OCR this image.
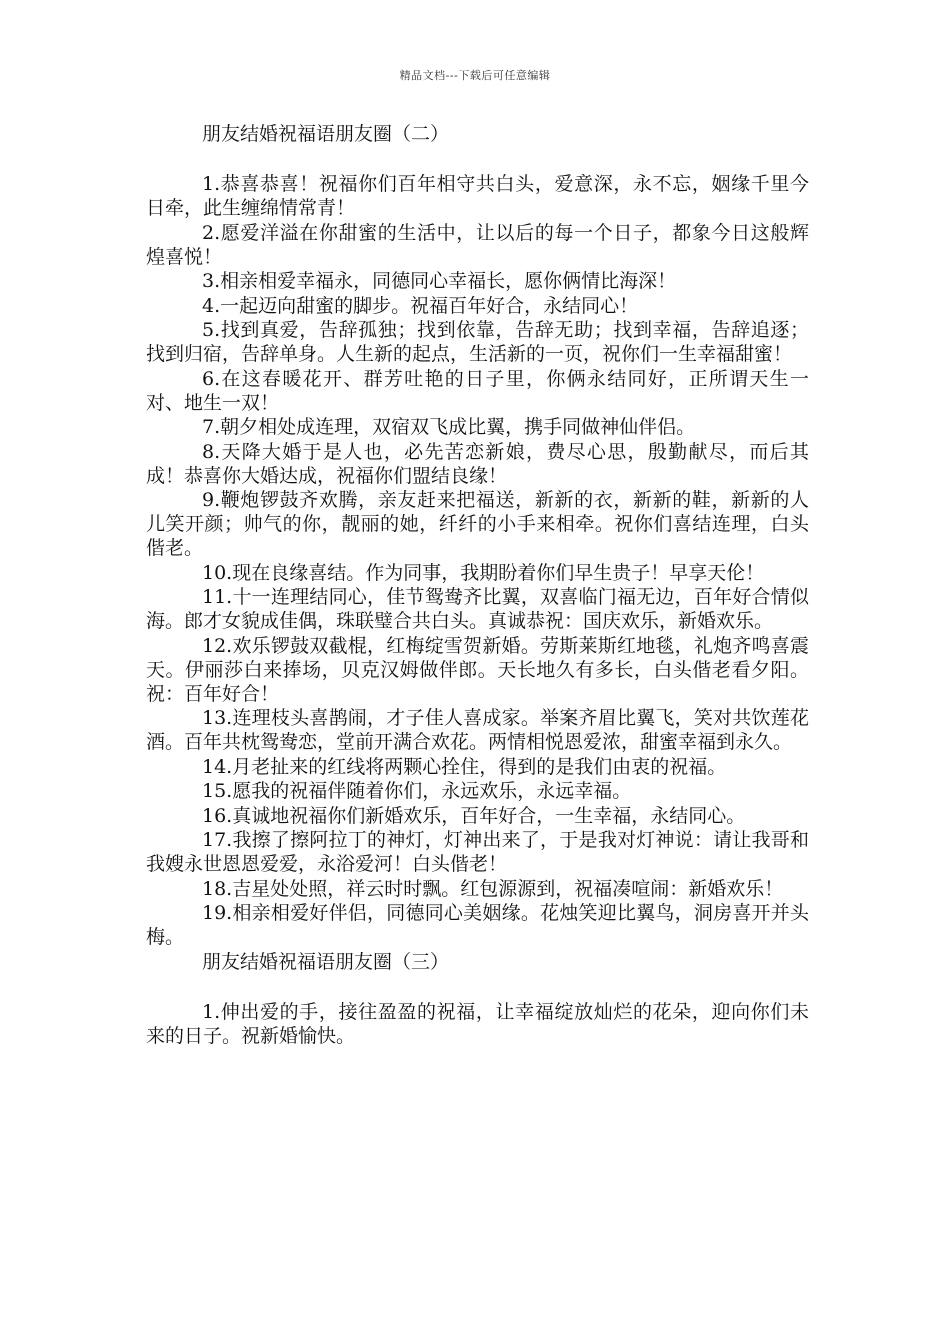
精品文档---下载后可任意编辑

朋友结婚祝福语朋友圈（二）

1.恭喜恭喜！祝福你们百年相守共白头，爱意深，永不忘，姻缘千里今日牵，此生缠绵情常青！

2.愿爱洋溢在你甜蜜的生活中，让以后的每一个日子，都象今日这般辉煌喜悦！

3.相亲相爱幸福永，同德同心幸福长，愿你俩情比海深！

4.一起迈向甜蜜的脚步。祝福百年好合，永结同心！

5.找到真爱，告辞孤独；找到依靠，告辞无助；找到幸福，告辞追逐；找到归宿，告辞单身。人生新的起点，生活新的一页，祝你们一生幸福甜蜜！

6.在这春暖花开、群芳吐艳的日子里，你俩永结同好，正所谓天生一对、地生一双！

7.朝夕相处成连理，双宿双飞成比翼，携手同做神仙伴侣。

8.天降大婚于是人也，必先苦恋新娘，费尽心思，殷勤献尽，而后其成！恭喜你大婚达成，祝福你们盟结良缘！

9.鞭炮锣鼓齐欢腾，亲友赶来把福送，新新的衣，新新的鞋，新新的人儿笑开颜；帅气的你，靓丽的她，纤纤的小手来相牵。祝你们喜结连理，白头偕老。

10.现在良缘喜结。作为同事，我期盼着你们早生贵子！早享天伦！

11.十一连理结同心，佳节鸳鸯齐比翼，双喜临门福无边，百年好合情似海。郎才女貌成佳偶，珠联璧合共白头。真诚恭祝：国庆欢乐，新婚欢乐。

12.欢乐锣鼓双截棍，红梅绽雪贺新婚。劳斯莱斯红地毯，礼炮齐鸣喜震天。伊丽莎白来捧场，贝克汉姆做伴郎。天长地久有多长，白头偕老看夕阳。祝：百年好合！

13.连理枝头喜鹊闹，才子佳人喜成家。举案齐眉比翼飞，笑对共饮莲花酒。百年共枕鸳鸯恋，堂前开满合欢花。两情相悦恩爱浓，甜蜜幸福到永久。

14.月老扯来的红线将两颗心拴住，得到的是我们由衷的祝福。

15.愿我的祝福伴随着你们，永远欢乐，永远幸福。

16.真诚地祝福你们新婚欢乐，百年好合，一生幸福，永结同心。

17.我擦了擦阿拉丁的神灯，灯神出来了，于是我对灯神说：请让我哥和我嫂永世恩恩爱爱，永浴爱河！白头偕老！

18.吉星处处照，祥云时时飘。红包源源到，祝福凑喧闹：新婚欢乐！

19.相亲相爱好伴侣，同德同心美姻缘。花烛笑迎比翼鸟，洞房喜开并头梅。

朋友结婚祝福语朋友圈（三）

1.伸出爱的手，接往盈盈的祝福，让幸福绽放灿烂的花朵，迎向你们未来的日子。祝新婚愉快。
